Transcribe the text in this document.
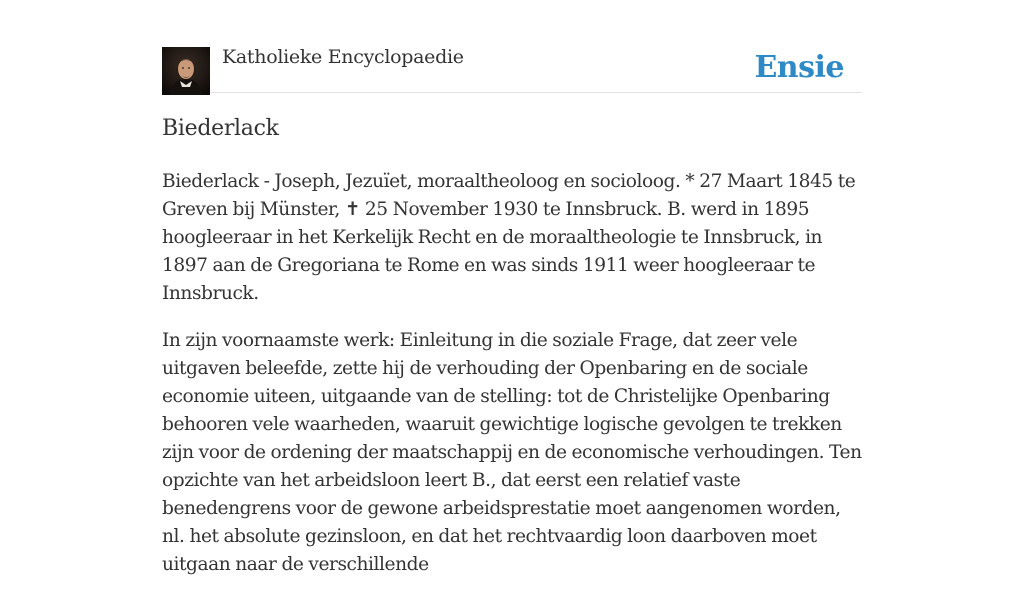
Katholieke Encyclopaedie	Ensie
Biederlack

Biederlack - Joseph, Jezuïet, moraaltheoloog en socioloog. * 27 Maart 1845 te Greven bij Münster, ✝ 25 November 1930 te Innsbruck. B. werd in 1895 hoogleeraar in het Kerkelijk Recht en de moraaltheologie te Innsbruck, in 1897 aan de Gregoriana te Rome en was sinds 1911 weer hoogleeraar te Innsbruck.

In zijn voornaamste werk: Einleitung in die soziale Frage, dat zeer vele uitgaven beleefde, zette hij de verhouding der Openbaring en de sociale economie uiteen, uitgaande van de stelling: tot de Christelijke Openbaring behooren vele waarheden, waaruit gewichtige logische gevolgen te trekken zijn voor de ordening der maatschappij en de economische verhoudingen. Ten opzichte van het arbeidsloon leert B., dat eerst een relatief vaste benedengrens voor de gewone arbeidsprestatie moet aangenomen worden, nl. het absolute gezinsloon, en dat het rechtvaardig loon daarboven moet uitgaan naar de verschillende
